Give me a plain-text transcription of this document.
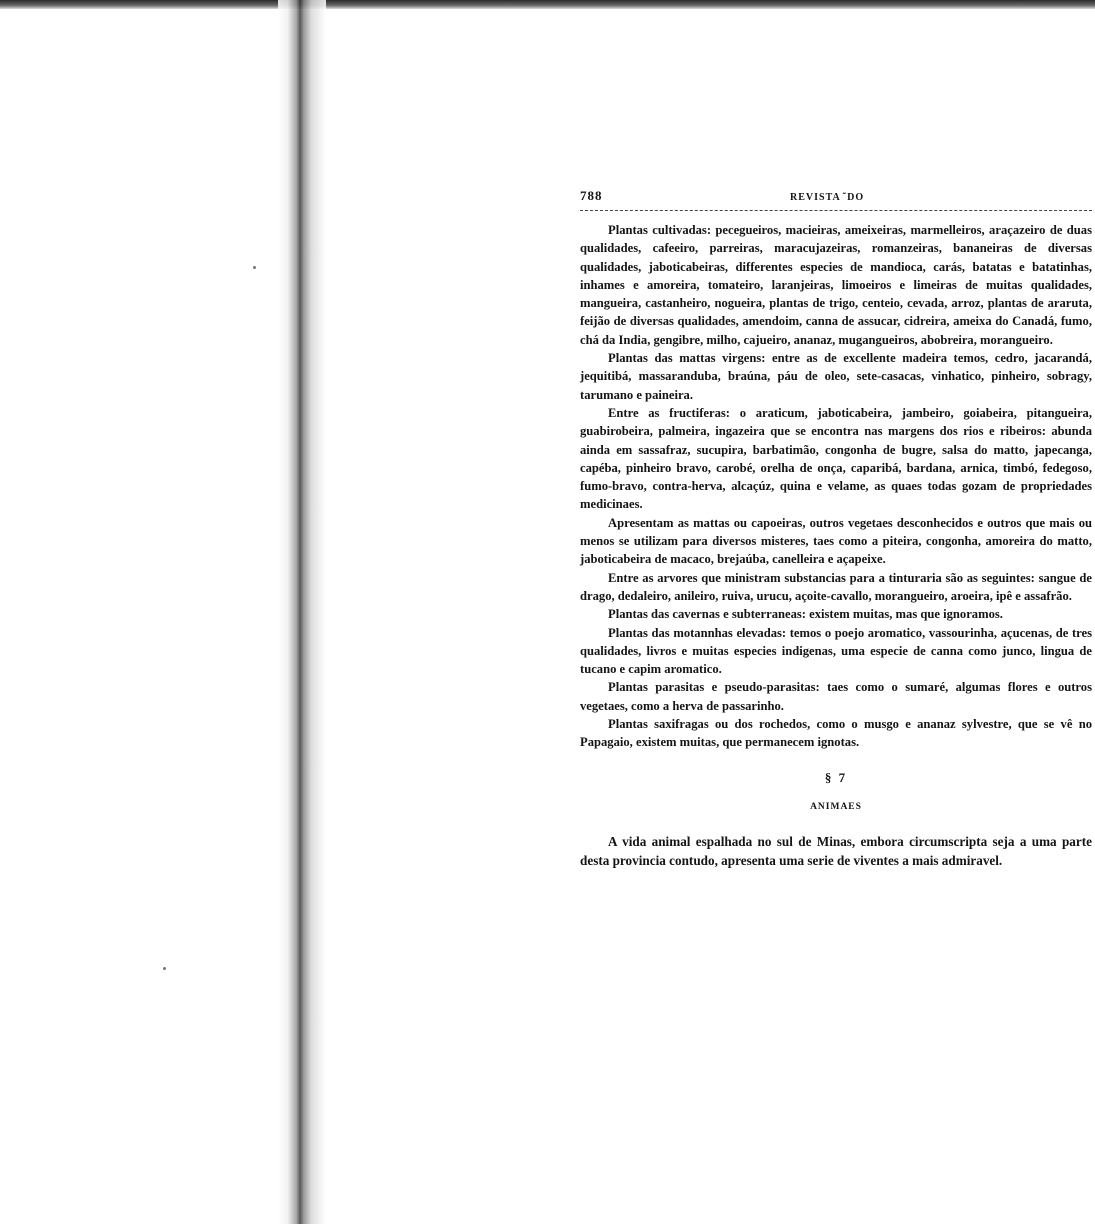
788	REVISTA ̃ DO

Plantas cultivadas: pecegueiros, macieiras, ameixeiras, marmelleiros, araçazeiro de duas qualidades, cafeeiro, parreiras, maracujazeiras, romanzeiras, bananeiras de diversas qualidades, jaboticabeiras, differentes especies de mandioca, carás, batatas e batatinhas, inhames e amoreira, tomateiro, laranjeiras, limoeiros e limeiras de muitas qualidades, mangueira, castanheiro, nogueira, plantas de trigo, centeio, cevada, arroz, plantas de araruta, feijão de diversas qualidades, amendoim, canna de assucar, cidreira, ameixa do Canadá, fumo, chá da India, gengibre, milho, cajueiro, ananaz, mugangueiros, abobreira, morangueiro.

Plantas das mattas virgens: entre as de excellente madeira temos, cedro, jacarandá, jequitibá, massaranduba, braúna, páu de oleo, sete-casacas, vinhatico, pinheiro, sobragy, tarumano e paineira.

Entre as fructiferas: o araticum, jaboticabeira, jambeiro, goiabeira, pitangueira, guabirobeira, palmeira, ingazeira que se encontra nas margens dos rios e ribeiros: abunda ainda em sassafraz, sucupira, barbatimão, congonha de bugre, salsa do matto, japecanga, capéba, pinheiro bravo, carobé, orelha de onça, caparibá, bardana, arnica, timbó, fedegoso, fumo-bravo, contra-herva, alcaçúz, quina e velame, as quaes todas gozam de propriedades medicinaes.

Apresentam as mattas ou capoeiras, outros vegetaes desconhecidos e outros que mais ou menos se utilizam para diversos misteres, taes como a piteira, congonha, amoreira do matto, jaboticabeira de macaco, brejaúba, canelleira e açapeixe.

Entre as arvores que ministram substancias para a tinturaria são as seguintes: sangue de drago, dedaleiro, anileiro, ruiva, urucu, açoite-cavallo, morangueiro, aroeira, ipê e assafrão.

Plantas das cavernas e subterraneas: existem muitas, mas que ignoramos.

Plantas das motannhas elevadas: temos o poejo aromatico, vassourinha, açucenas, de tres qualidades, livros e muitas especies indigenas, uma especie de canna como junco, lingua de tucano e capim aromatico.

Plantas parasitas e pseudo-parasitas: taes como o sumaré, algumas flores e outros vegetaes, como a herva de passarinho.

Plantas saxifragas ou dos rochedos, como o musgo e ananaz sylvestre, que se vê no Papagaio, existem muitas, que permanecem ignotas.

§ 7
ANIMAES

A vida animal espalhada no sul de Minas, embora circumscripta seja a uma parte desta provincia contudo, apresenta uma serie de viventes a mais admiravel.
